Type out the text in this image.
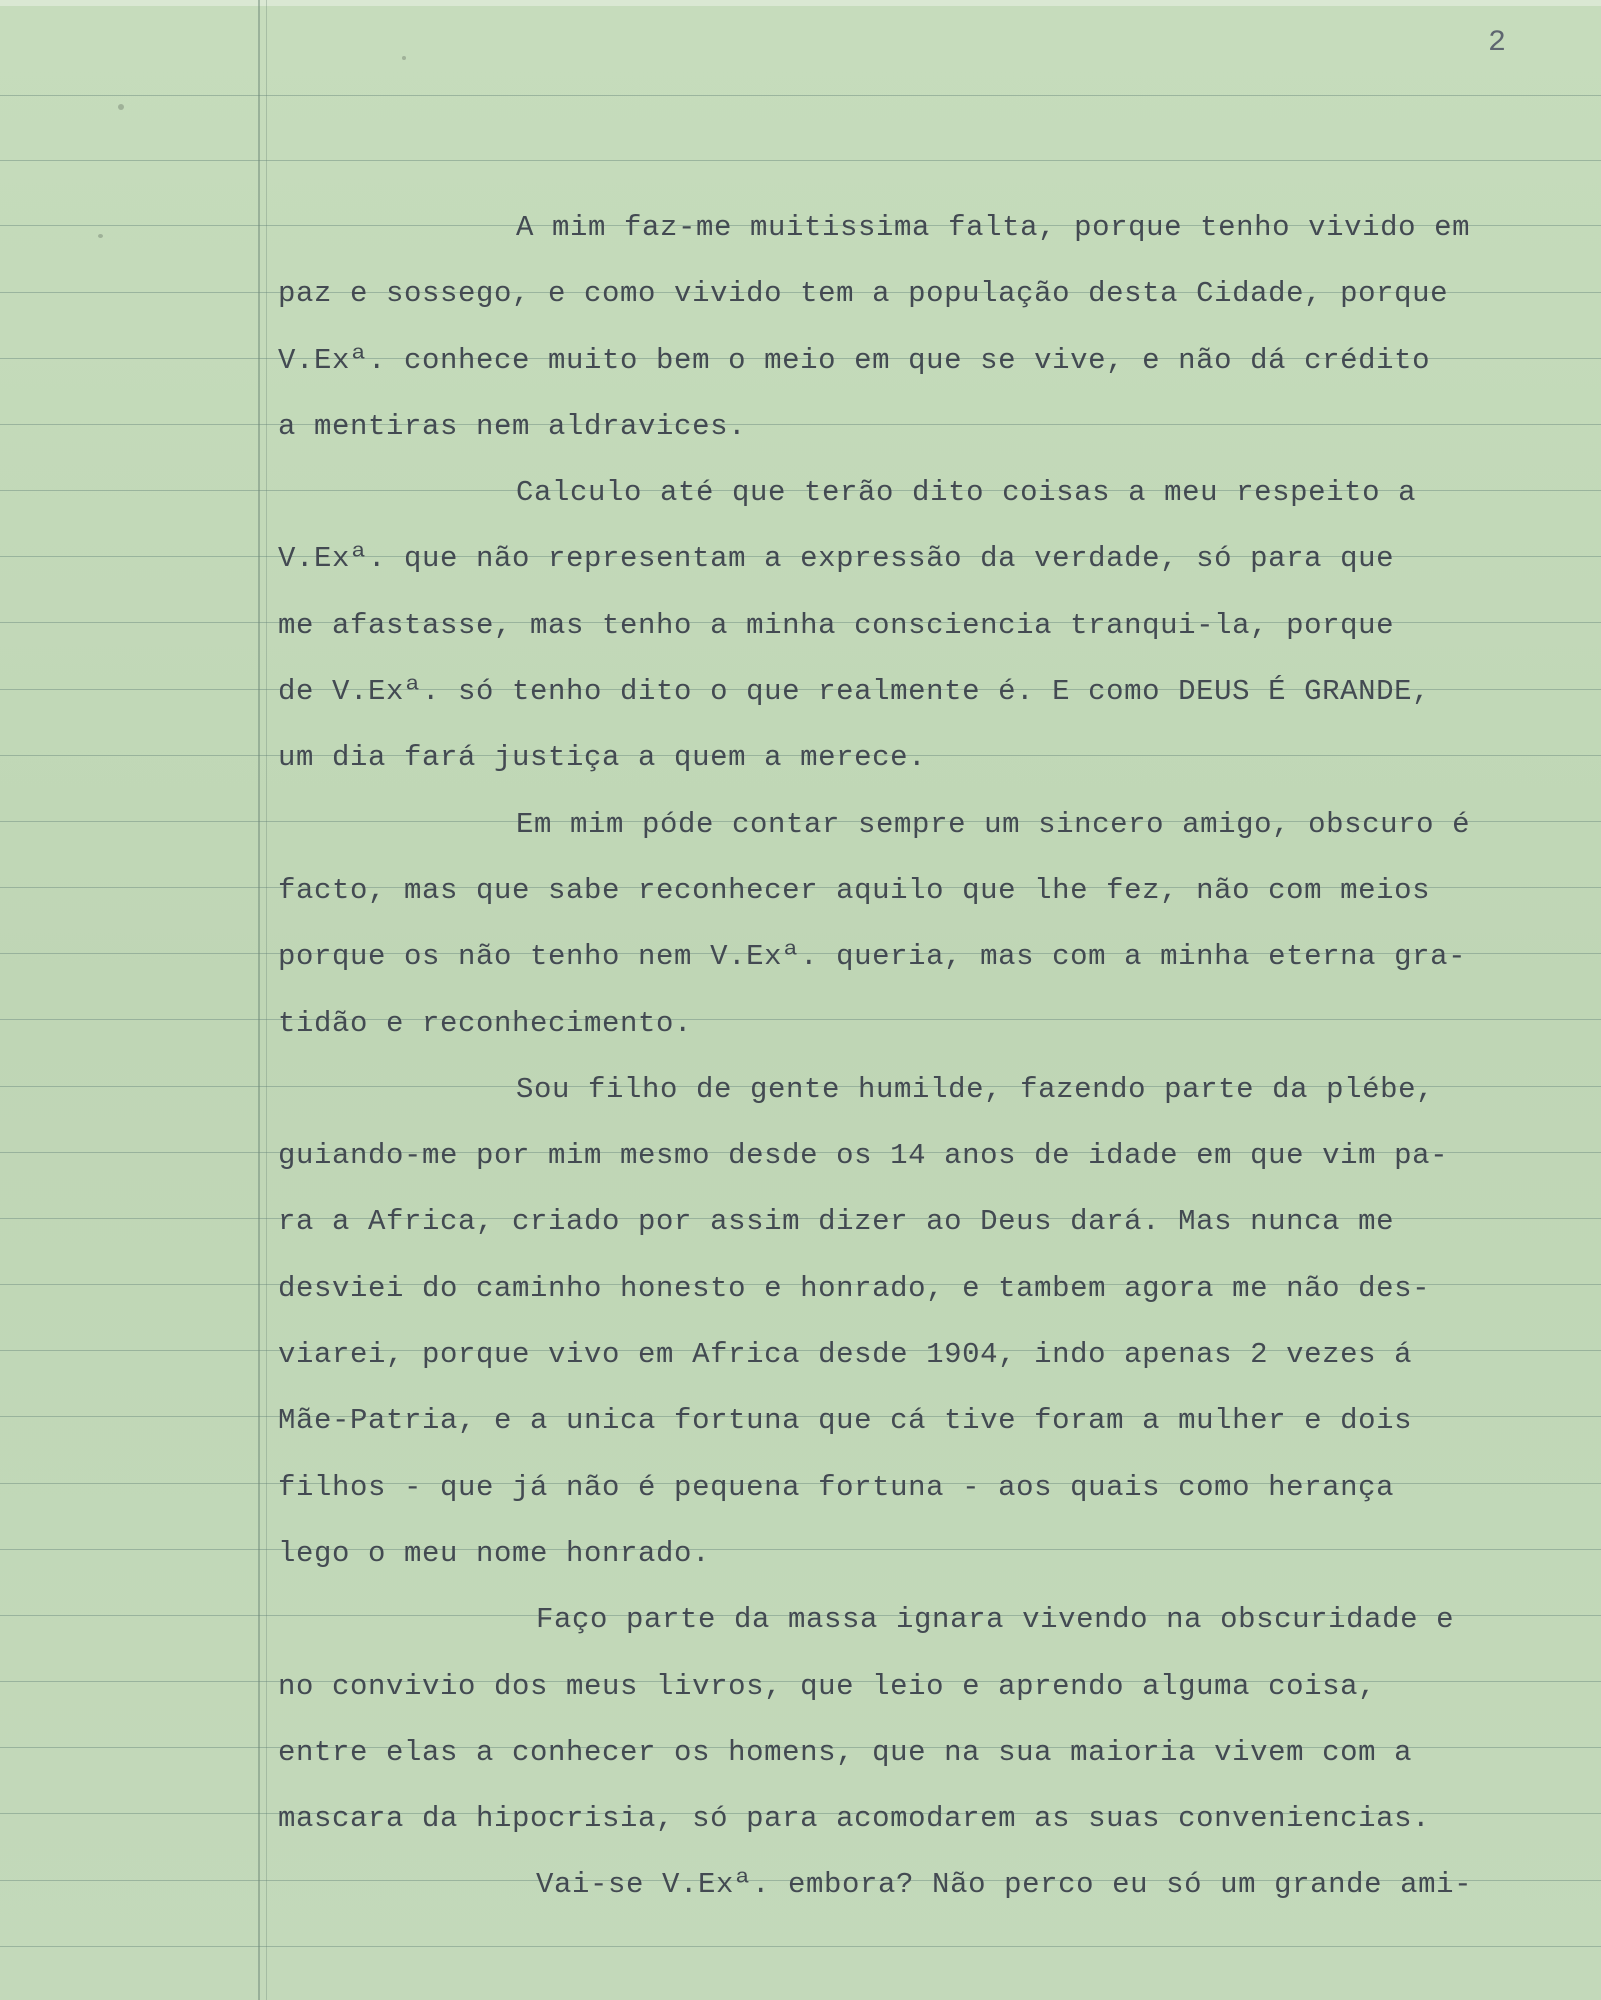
2
A mim faz-me muitissima falta, porque tenho vivido em
paz e sossego, e como vivido tem a população desta Cidade, porque
V.Exª. conhece muito bem o meio em que se vive, e não dá crédito
a mentiras nem aldravices.
Calculo até que terão dito coisas a meu respeito a
V.Exª. que não representam a expressão da verdade, só para que
me afastasse, mas tenho a minha consciencia tranqui-la, porque
de V.Exª. só tenho dito o que realmente é. E como DEUS É GRANDE,
um dia fará justiça a quem a merece.
Em mim póde contar sempre um sincero amigo, obscuro é
facto, mas que sabe reconhecer aquilo que lhe fez, não com meios
porque os não tenho nem V.Exª. queria, mas com a minha eterna gra-
tidão e reconhecimento.
Sou filho de gente humilde, fazendo parte da plébe,
guiando-me por mim mesmo desde os 14 anos de idade em que vim pa-
ra a Africa, criado por assim dizer ao Deus dará. Mas nunca me
desviei do caminho honesto e honrado, e tambem agora me não des-
viarei, porque vivo em Africa desde 1904, indo apenas 2 vezes á
Mãe-Patria, e a unica fortuna que cá tive foram a mulher e dois
filhos - que já não é pequena fortuna - aos quais como herança
lego o meu nome honrado.
Faço parte da massa ignara vivendo na obscuridade e
no convivio dos meus livros, que leio e aprendo alguma coisa,
entre elas a conhecer os homens, que na sua maioria vivem com a
mascara da hipocrisia, só para acomodarem as suas conveniencias.
Vai-se V.Exª. embora? Não perco eu só um grande ami-
